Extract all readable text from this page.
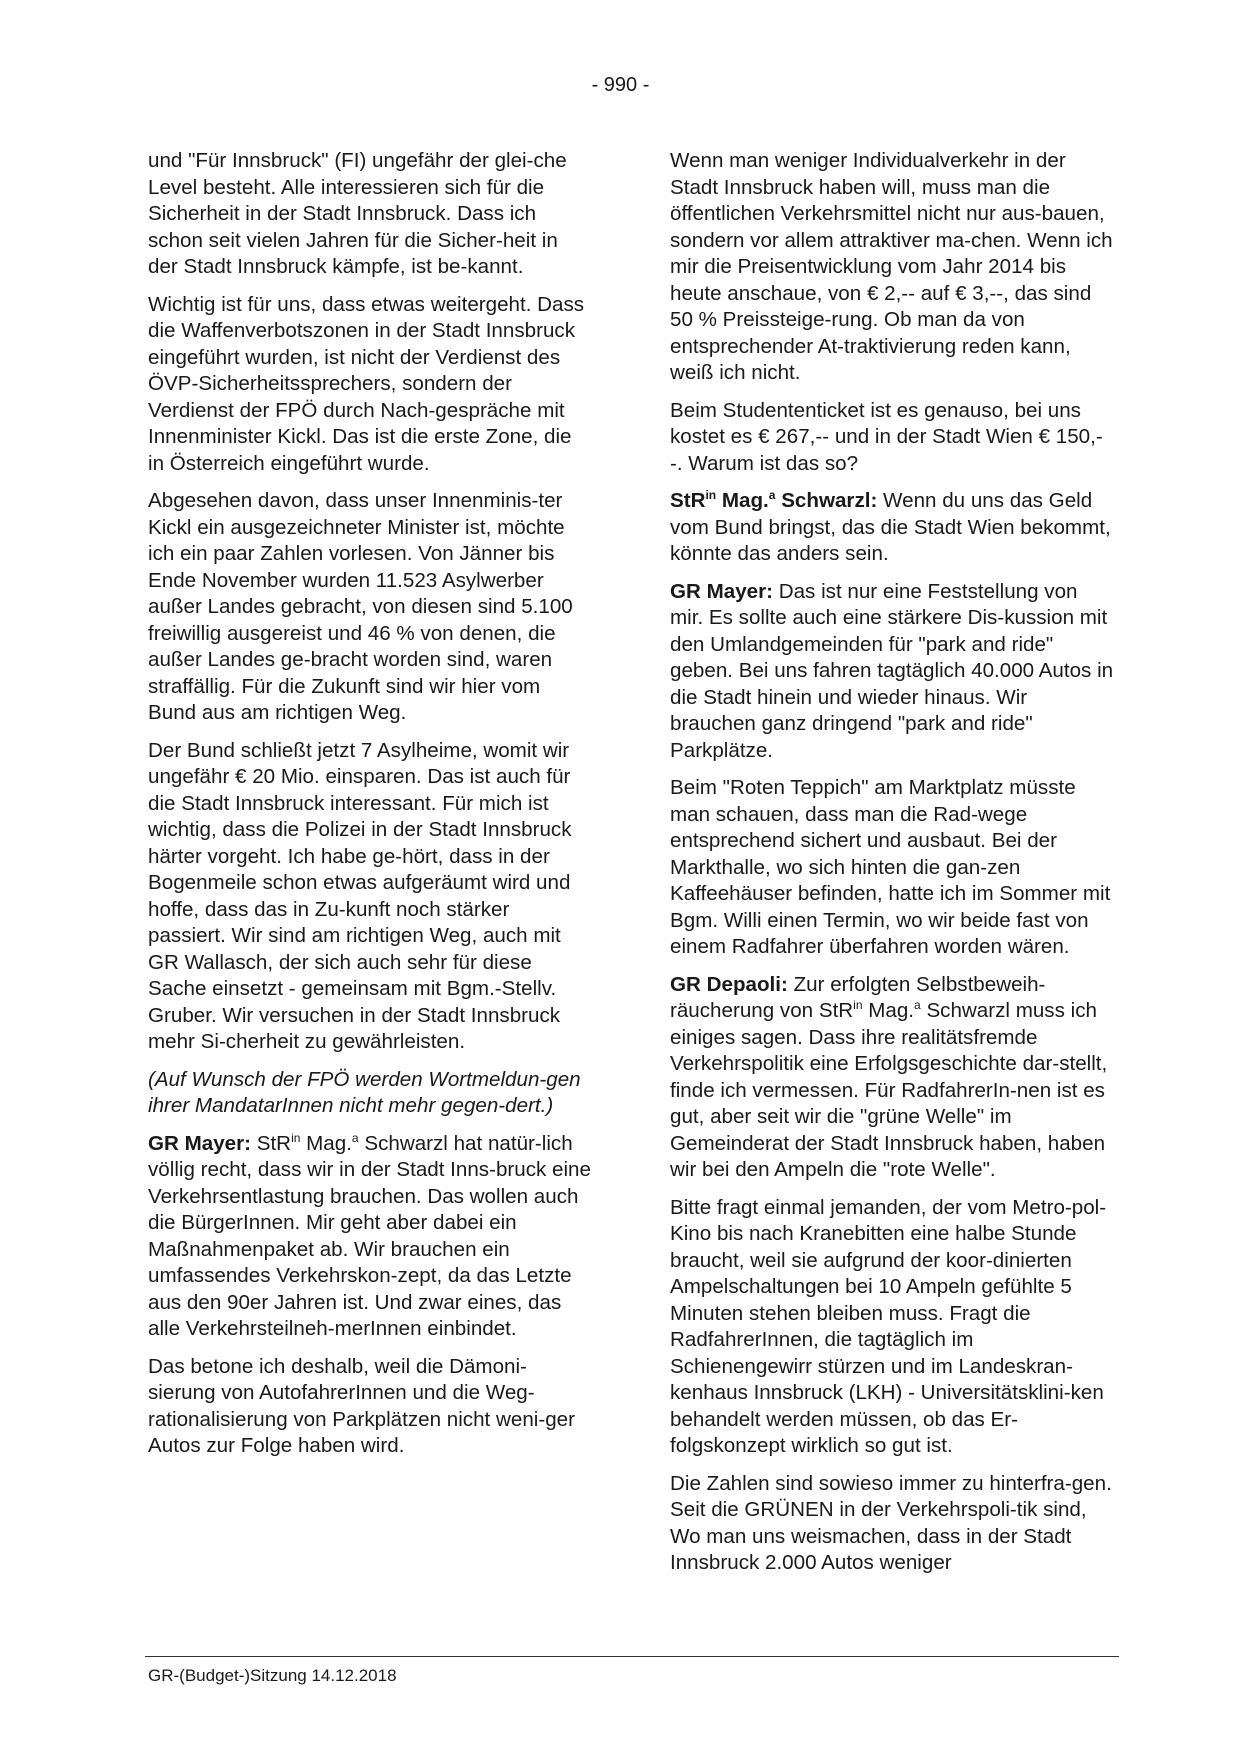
- 990 -

und "Für Innsbruck" (FI) ungefähr der glei-che Level besteht. Alle interessieren sich für die Sicherheit in der Stadt Innsbruck. Dass ich schon seit vielen Jahren für die Sicher-heit in der Stadt Innsbruck kämpfe, ist be-kannt.

Wichtig ist für uns, dass etwas weitergeht. Dass die Waffenverbotszonen in der Stadt Innsbruck eingeführt wurden, ist nicht der Verdienst des ÖVP-Sicherheitssprechers, sondern der Verdienst der FPÖ durch Nach-gespräche mit Innenminister Kickl. Das ist die erste Zone, die in Österreich eingeführt wurde.

Abgesehen davon, dass unser Innenminis-ter Kickl ein ausgezeichneter Minister ist, möchte ich ein paar Zahlen vorlesen. Von Jänner bis Ende November wurden 11.523 Asylwerber außer Landes gebracht, von diesen sind 5.100 freiwillig ausgereist und 46 % von denen, die außer Landes ge-bracht worden sind, waren straffällig. Für die Zukunft sind wir hier vom Bund aus am richtigen Weg.

Der Bund schließt jetzt 7 Asylheime, womit wir ungefähr € 20 Mio. einsparen. Das ist auch für die Stadt Innsbruck interessant. Für mich ist wichtig, dass die Polizei in der Stadt Innsbruck härter vorgeht. Ich habe ge-hört, dass in der Bogenmeile schon etwas aufgeräumt wird und hoffe, dass das in Zu-kunft noch stärker passiert. Wir sind am richtigen Weg, auch mit GR Wallasch, der sich auch sehr für diese Sache einsetzt - gemeinsam mit Bgm.-Stellv. Gruber. Wir versuchen in der Stadt Innsbruck mehr Si-cherheit zu gewährleisten.

(Auf Wunsch der FPÖ werden Wortmeldun-gen ihrer MandatarInnen nicht mehr gegen-dert.)

GR Mayer: StR$^{in}$ Mag.$^a$ Schwarzl hat natür-lich völlig recht, dass wir in der Stadt Inns-bruck eine Verkehrsentlastung brauchen. Das wollen auch die BürgerInnen. Mir geht aber dabei ein Maßnahmenpaket ab. Wir brauchen ein umfassendes Verkehrskon-zept, da das Letzte aus den 90er Jahren ist. Und zwar eines, das alle Verkehrsteilneh-merInnen einbindet.

Das betone ich deshalb, weil die Dämoni-sierung von AutofahrerInnen und die Weg-rationalisierung von Parkplätzen nicht weni-ger Autos zur Folge haben wird.

Wenn man weniger Individualverkehr in der Stadt Innsbruck haben will, muss man die öffentlichen Verkehrsmittel nicht nur aus-bauen, sondern vor allem attraktiver ma-chen. Wenn ich mir die Preisentwicklung vom Jahr 2014 bis heute anschaue, von € 2,-- auf € 3,--, das sind 50 % Preissteige-rung. Ob man da von entsprechender At-traktivierung reden kann, weiß ich nicht.

Beim Studententicket ist es genauso, bei uns kostet es € 267,-- und in der Stadt Wien € 150,--. Warum ist das so?

StR$^{in}$ Mag.$^a$ Schwarzl: Wenn du uns das Geld vom Bund bringst, das die Stadt Wien bekommt, könnte das anders sein.

GR Mayer: Das ist nur eine Feststellung von mir. Es sollte auch eine stärkere Dis-kussion mit den Umlandgemeinden für "park and ride" geben. Bei uns fahren tagtäglich 40.000 Autos in die Stadt hinein und wieder hinaus. Wir brauchen ganz dringend "park and ride" Parkplätze.

Beim "Roten Teppich" am Marktplatz müsste man schauen, dass man die Rad-wege entsprechend sichert und ausbaut. Bei der Markthalle, wo sich hinten die gan-zen Kaffeehäuser befinden, hatte ich im Sommer mit Bgm. Willi einen Termin, wo wir beide fast von einem Radfahrer überfahren worden wären.

GR Depaoli: Zur erfolgten Selbstbeweih-räucherung von StR$^{in}$ Mag.$^a$ Schwarzl muss ich einiges sagen. Dass ihre realitätsfremde Verkehrspolitik eine Erfolgsgeschichte dar-stellt, finde ich vermessen. Für RadfahrerIn-nen ist es gut, aber seit wir die "grüne Welle" im Gemeinderat der Stadt Innsbruck haben, haben wir bei den Ampeln die "rote Welle".

Bitte fragt einmal jemanden, der vom Metro-pol-Kino bis nach Kranebitten eine halbe Stunde braucht, weil sie aufgrund der koor-dinierten Ampelschaltungen bei 10 Ampeln gefühlte 5 Minuten stehen bleiben muss. Fragt die RadfahrerInnen, die tagtäglich im Schienengewirr stürzen und im Landeskran-kenhaus Innsbruck (LKH) - Universitätsklini-ken behandelt werden müssen, ob das Er-folgskonzept wirklich so gut ist.

Die Zahlen sind sowieso immer zu hinterfra-gen. Seit die GRÜNEN in der Verkehrspoli-tik sind, Wo man uns weismachen, dass in der Stadt Innsbruck 2.000 Autos weniger

GR-(Budget-)Sitzung 14.12.2018
